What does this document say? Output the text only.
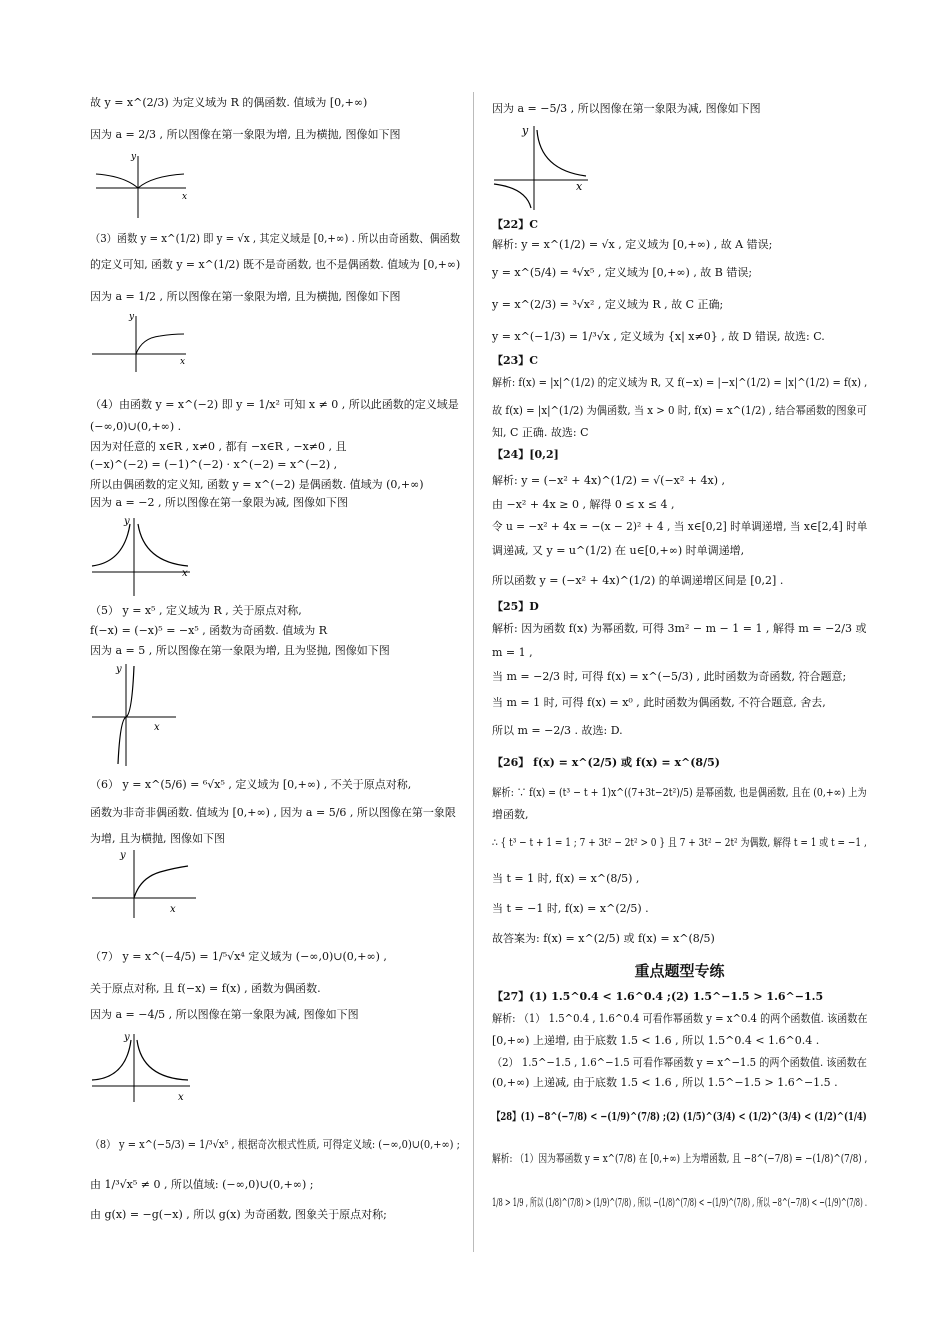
故 y = x^(2/3) 为定义域为 R 的偶函数. 值域为 [0,+∞)
因为 a = 2/3 , 所以图像在第一象限为增, 且为横抛, 图像如下图
y
x
（3）函数 y = x^(1/2) 即 y = √x , 其定义域是 [0,+∞) . 所以由奇函数、偶函数
的定义可知, 函数 y = x^(1/2) 既不是奇函数, 也不是偶函数. 值域为 [0,+∞)
因为 a = 1/2 , 所以图像在第一象限为增, 且为横抛, 图像如下图
y
x
（4）由函数 y = x^(−2) 即 y = 1/x² 可知 x ≠ 0 , 所以此函数的定义域是
(−∞,0)∪(0,+∞) .
因为对任意的 x∈R , x≠0 , 都有 −x∈R , −x≠0 , 且
(−x)^(−2) = (−1)^(−2) · x^(−2) = x^(−2) ,
所以由偶函数的定义知, 函数 y = x^(−2) 是偶函数. 值域为 (0,+∞)
因为 a = −2 , 所以图像在第一象限为减, 图像如下图
y
x
（5） y = x⁵ , 定义域为 R , 关于原点对称,
f(−x) = (−x)⁵ = −x⁵ , 函数为奇函数. 值域为 R
因为 a = 5 , 所以图像在第一象限为增, 且为竖抛, 图像如下图
y
x
（6） y = x^(5/6) = ⁶√x⁵ , 定义域为 [0,+∞) , 不关于原点对称,
函数为非奇非偶函数. 值域为 [0,+∞) , 因为 a = 5/6 , 所以图像在第一象限
为增, 且为横抛, 图像如下图
y
x
（7） y = x^(−4/5) = 1/⁵√x⁴ 定义域为 (−∞,0)∪(0,+∞) ,
关于原点对称, 且 f(−x) = f(x) , 函数为偶函数.
因为 a = −4/5 , 所以图像在第一象限为减, 图像如下图
y
x
（8） y = x^(−5/3) = 1/³√x⁵ , 根据奇次根式性质, 可得定义域: (−∞,0)∪(0,+∞) ;
由 1/³√x⁵ ≠ 0 , 所以值域: (−∞,0)∪(0,+∞) ;
由 g(x) = −g(−x) , 所以 g(x) 为奇函数, 图象关于原点对称;
因为 a = −5/3 , 所以图像在第一象限为减, 图像如下图
y
x
【22】C
解析: y = x^(1/2) = √x , 定义域为 [0,+∞) , 故 A 错误;
y = x^(5/4) = ⁴√x⁵ , 定义域为 [0,+∞) , 故 B 错误;
y = x^(2/3) = ³√x² , 定义域为 R , 故 C 正确;
y = x^(−1/3) = 1/³√x , 定义域为 {x| x≠0} , 故 D 错误, 故选: C.
【23】C
解析: f(x) = |x|^(1/2) 的定义域为 R, 又 f(−x) = |−x|^(1/2) = |x|^(1/2) = f(x) ,
故 f(x) = |x|^(1/2) 为偶函数, 当 x > 0 时, f(x) = x^(1/2) , 结合幂函数的图象可
知, C 正确. 故选: C
【24】[0,2]
解析: y = (−x² + 4x)^(1/2) = √(−x² + 4x) ,
由 −x² + 4x ≥ 0 , 解得 0 ≤ x ≤ 4 ,
令 u = −x² + 4x = −(x − 2)² + 4 , 当 x∈[0,2] 时单调递增, 当 x∈[2,4] 时单
调递减, 又 y = u^(1/2) 在 u∈[0,+∞) 时单调递增,
所以函数 y = (−x² + 4x)^(1/2) 的单调递增区间是 [0,2] .
【25】D
解析: 因为函数 f(x) 为幂函数, 可得 3m² − m − 1 = 1 , 解得 m = −2/3 或
m = 1 ,
当 m = −2/3 时, 可得 f(x) = x^(−5/3) , 此时函数为奇函数, 符合题意;
当 m = 1 时, 可得 f(x) = x⁰ , 此时函数为偶函数, 不符合题意, 舍去,
所以 m = −2/3 . 故选: D.
【26】 f(x) = x^(2/5) 或 f(x) = x^(8/5)
解析: ∵ f(x) = (t³ − t + 1)x^((7+3t−2t²)/5) 是幂函数, 也是偶函数, 且在 (0,+∞) 上为
增函数,
∴ { t³ − t + 1 = 1 ; 7 + 3t² − 2t² > 0 } 且 7 + 3t² − 2t² 为偶数, 解得 t = 1 或 t = −1 ,
当 t = 1 时, f(x) = x^(8/5) ,
当 t = −1 时, f(x) = x^(2/5) .
故答案为: f(x) = x^(2/5) 或 f(x) = x^(8/5)
重点题型专练
【27】(1) 1.5^0.4 < 1.6^0.4 ;(2) 1.5^−1.5 > 1.6^−1.5
解析: （1） 1.5^0.4 , 1.6^0.4 可看作幂函数 y = x^0.4 的两个函数值. 该函数在
[0,+∞) 上递增, 由于底数 1.5 < 1.6 , 所以 1.5^0.4 < 1.6^0.4 .
（2） 1.5^−1.5 , 1.6^−1.5 可看作幂函数 y = x^−1.5 的两个函数值. 该函数在
(0,+∞) 上递减, 由于底数 1.5 < 1.6 , 所以 1.5^−1.5 > 1.6^−1.5 .
【28】(1) −8^(−7/8) < −(1/9)^(7/8) ;(2) (1/5)^(3/4) < (1/2)^(3/4) < (1/2)^(1/4)
解析: （1）因为幂函数 y = x^(7/8) 在 [0,+∞) 上为增函数, 且 −8^(−7/8) = −(1/8)^(7/8) ,
1/8 > 1/9 , 所以 (1/8)^(7/8) > (1/9)^(7/8) , 所以 −(1/8)^(7/8) < −(1/9)^(7/8) , 所以 −8^(−7/8) < −(1/9)^(7/8) .
